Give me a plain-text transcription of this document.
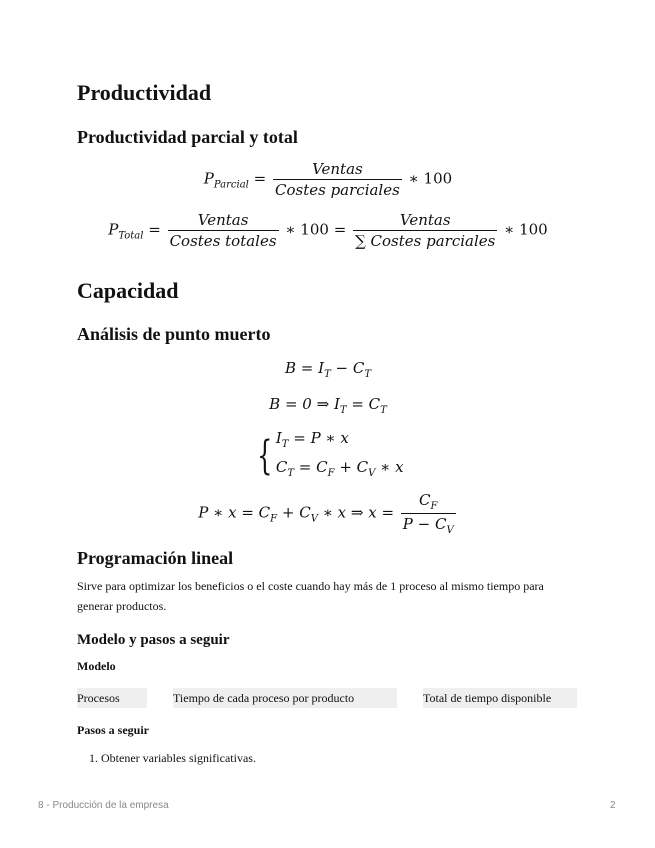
Productividad
Productividad parcial y total
$P_{Parcial} = \frac{\text{Ventas}}{\text{Costes parciales}}$ ∗ 100
$P_{Total} = \frac{\text{Ventas}}{\text{Costes totales}}$ ∗ $100 = \frac{\text{Ventas}}{\text{∑ Costes parciales}}$ ∗ 100
Capacidad
Análisis de punto muerto
$B = I_T - C_T$
B = 0 ⇒ $I_T = C_T$
{ $I_T = P$ ∗ x
$C_T = C_F + C_V$ ∗ x
P ∗ $x = C_F + C_V$ ∗ x ⇒ $x = \frac{C_F}{P - C_V}$
Programación lineal

Sirve para optimizar los beneficios o el coste cuando hay más de 1 proceso al mismo tiempo para generar productos.

Modelo y pasos a seguir
Modelo
Procesos	Tiempo de cada proceso por producto	Total de tiempo disponible
Pasos a seguir
1. Obtener variables significativas.
8 - Producción de la empresa	2
